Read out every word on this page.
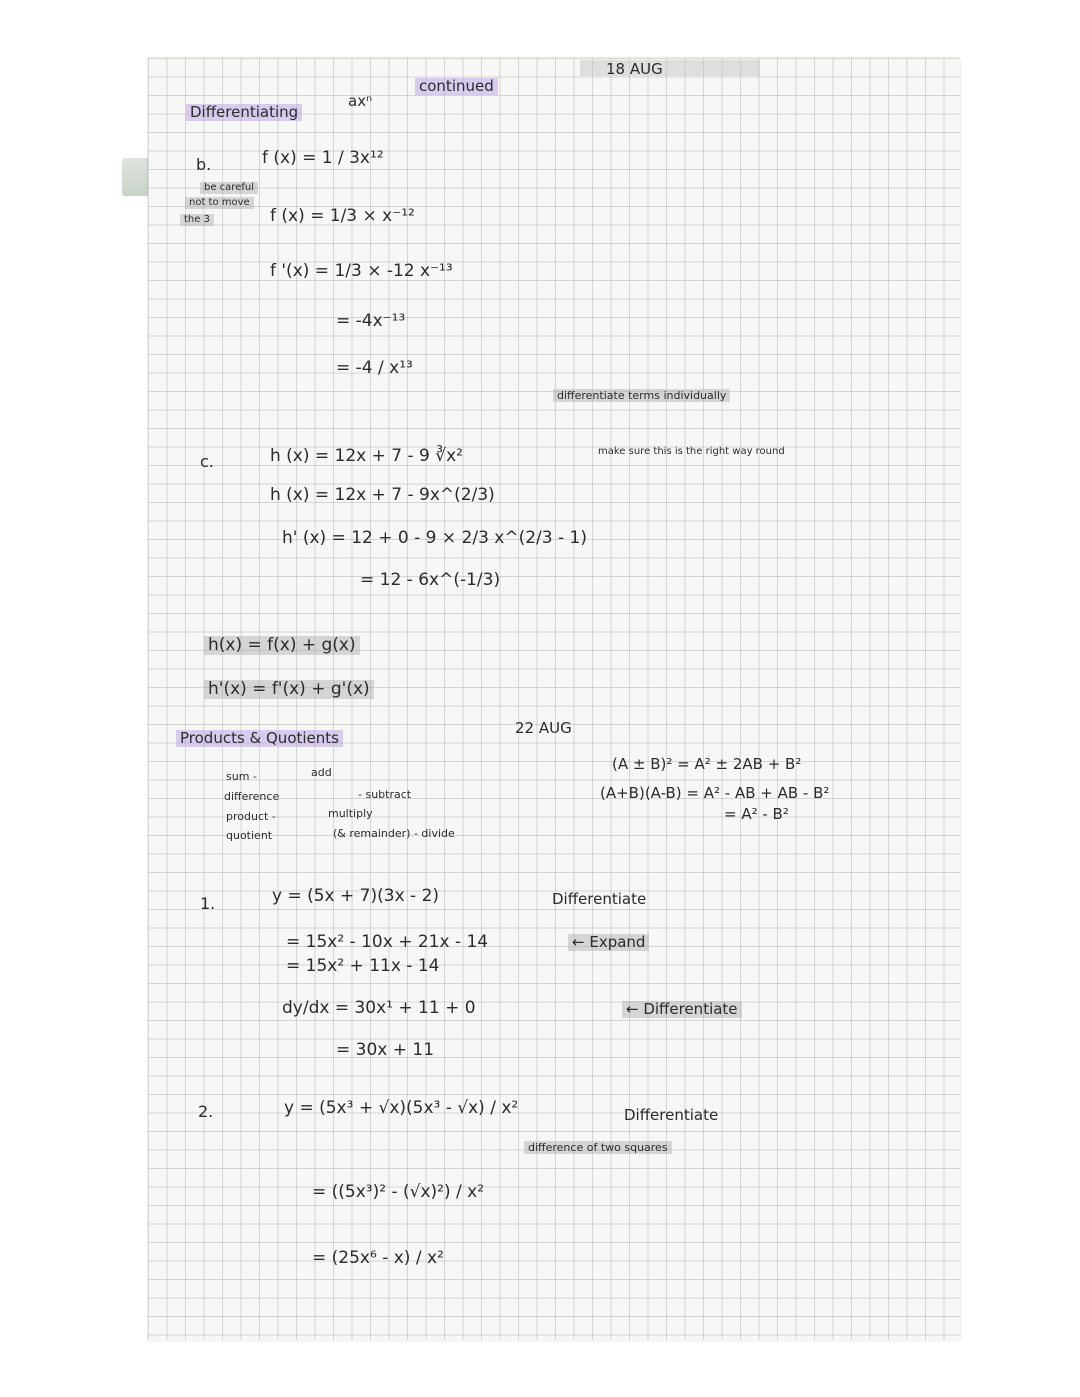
Differentiating
axⁿ
continued
18 AUG
b.	f (x) = 1 / 3x¹²
be careful
not to move
the 3	f (x) = 1/3 × x⁻¹²
f '(x) = 1/3 × -12 x⁻¹³
= -4x⁻¹³
= -4 / x¹³
differentiate terms individually
c.	h (x) = 12x + 7 - 9 ∛x²	make sure this is the right way round
h (x) = 12x + 7 - 9x^(2/3)
h' (x) = 12 + 0 - 9 × 2/3 x^(2/3 - 1)
= 12 - 6x^(-1/3)
h(x) = f(x) + g(x)
h'(x) = f'(x) + g'(x)
Products & Quotients
22 AUG
sum -	add
difference	- subtract
product -	multiply
quotient	(& remainder) - divide
(A ± B)² = A² ± 2AB + B²
(A+B)(A-B) = A² - AB + AB - B²
= A² - B²
1.	y = (5x + 7)(3x - 2)	Differentiate
= 15x² - 10x + 21x - 14	← Expand
= 15x² + 11x - 14
dy/dx = 30x¹ + 11 + 0	← Differentiate
= 30x + 11
2.	y = (5x³ + √x)(5x³ - √x) / x²	Differentiate
difference of two squares
= ((5x³)² - (√x)²) / x²
= (25x⁶ - x) / x²
